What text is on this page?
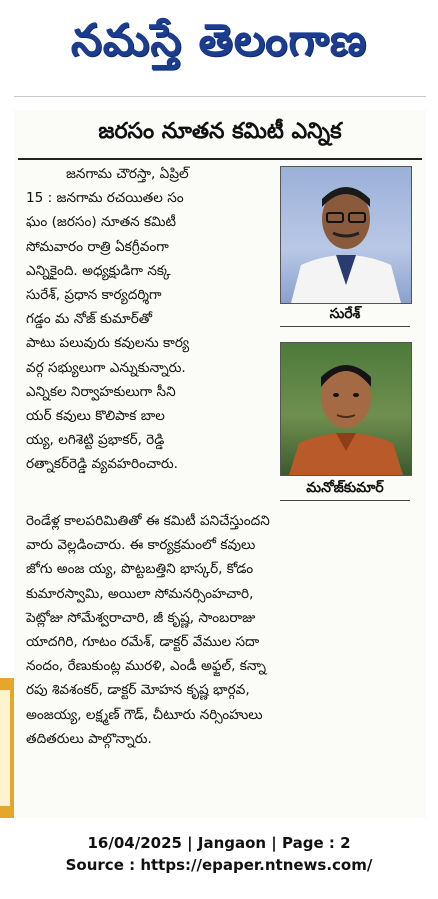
నమస్తే తెలంగాణ
జరసం నూతన కమిటీ ఎన్నిక
జనగామ చౌరస్తా, ఏప్రిల్
15 : జనగామ రచయితల సం
ఘం (జరసం) నూతన కమిటీ
సోమవారం రాత్రి ఏకగ్రీవంగా
ఎన్నికైంది. అధ్యక్షుడిగా నక్క
సురేశ్‌, ప్రధాన కార్యదర్శిగా
గడ్డం మ నోజ్‌ కుమార్‌తో
పాటు పలువురు కవులను కార్య
వర్గ సభ్యులుగా ఎన్నుకున్నారు.
ఎన్నికల నిర్వాహకులుగా సీని
యర్‌ కవులు కొలిపాక బాల
య్య, లగిశెట్టి ప్రభాకర్‌, రెడ్డి
రత్నాకర్‌రెడ్డి వ్యవహరించారు.
సురేశ్‌
మనోజ్‌కుమార్‌
రెండేళ్ల కాలపరిమితితో ఈ కమిటీ పనిచేస్తుందని
వారు వెల్లడించారు. ఈ కార్యక్రమంలో కవులు
జోగు అంజ య్య, పొట్టబత్తిని భాస్కర్‌, కోడం
కుమారస్వామి, అయిలా సోమనర్సింహచారి,
పెట్లోజు సోమేశ్వరాచారి, జీ కృష్ణ, సాంబరాజు
యాదగిరి, గూటం రమేశ్‌, డాక్టర్‌ వేముల సదా
నందం, రేణుకుంట్ల మురళి, ఎండీ అఫ్జల్‌, కన్నా
రపు శివశంకర్‌, డాక్టర్‌ మోహన కృష్ణ భార్గవ,
అంజయ్య, లక్ష్మణ్‌ గౌడ్‌, చీటూరు నర్సింహులు
తదితరులు పాల్గొన్నారు.
16/04/2025 | Jangaon | Page : 2
Source : https://epaper.ntnews.com/
